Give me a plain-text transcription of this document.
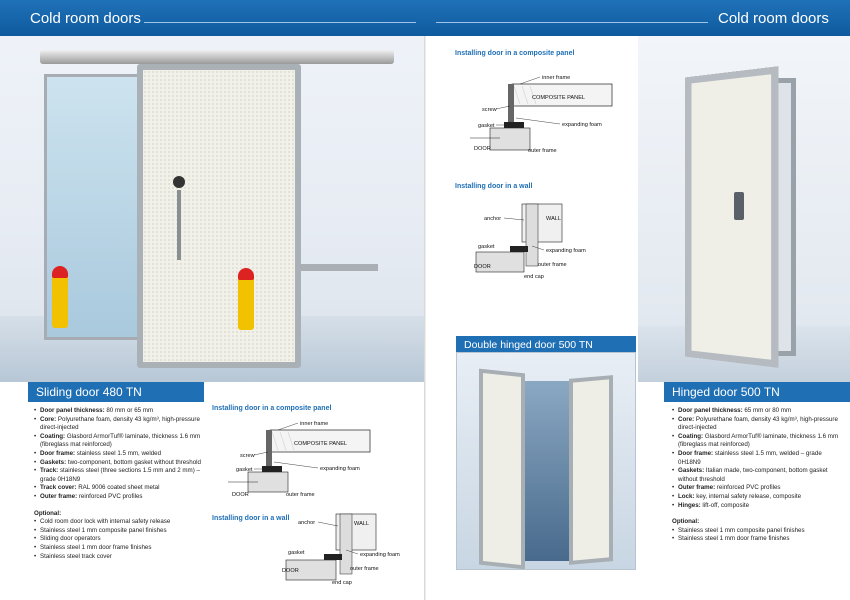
Cold room doors	Cold room doors
Sliding door 480 TN
• Door panel thickness: 80 mm or 65 mm
• Core: Polyurethane foam, density 43 kg/m³, high-pressure direct-injected
• Coating: Glasbord ArmorTuf® laminate, thickness 1.6 mm (fibreglass mat reinforced)
• Door frame: stainless steel 1.5 mm, welded
• Gaskets: two-component, bottom gasket without threshold
• Track: stainless steel (three sections 1.5 mm and 2 mm) – grade 0H18N9
• Track cover: RAL 9006 coated sheet metal
• Outer frame: reinforced PVC profiles
Optional:
• Cold room door lock with internal safety release
• Stainless steel 1 mm composite panel finishes
• Sliding door operators
• Stainless steel 1 mm door frame finishes
• Stainless steel track cover
Installing door in a composite panel
inner frame
COMPOSITE PANEL
screw
expanding foam
gasket
DOOR	outer frame
Installing door in a wall
anchor	WALL
gasket	expanding foam
DOOR	outer frame
end cap
Installing door in a composite panel
inner frame
COMPOSITE PANEL
screw
expanding foam
gasket
DOOR	outer frame
Installing door in a wall
anchor	WALL
gasket
expanding foam
DOOR	outer frame
end cap
Double hinged door 500 TN
Hinged door 500 TN
• Door panel thickness: 65 mm or 80 mm
• Core: Polyurethane foam, density 43 kg/m³, high-pressure direct-injected
• Coating: Glasbord ArmorTuf® laminate, thickness 1.6 mm (fibreglass mat reinforced)
• Door frame: stainless steel 1.5 mm, welded – grade 0H18N9
• Gaskets: Italian made, two-component, bottom gasket without threshold
• Outer frame: reinforced PVC profiles
• Lock: key, internal safety release, composite
• Hinges: lift-off, composite
Optional:
• Stainless steel 1 mm composite panel finishes
• Stainless steel 1 mm door frame finishes
